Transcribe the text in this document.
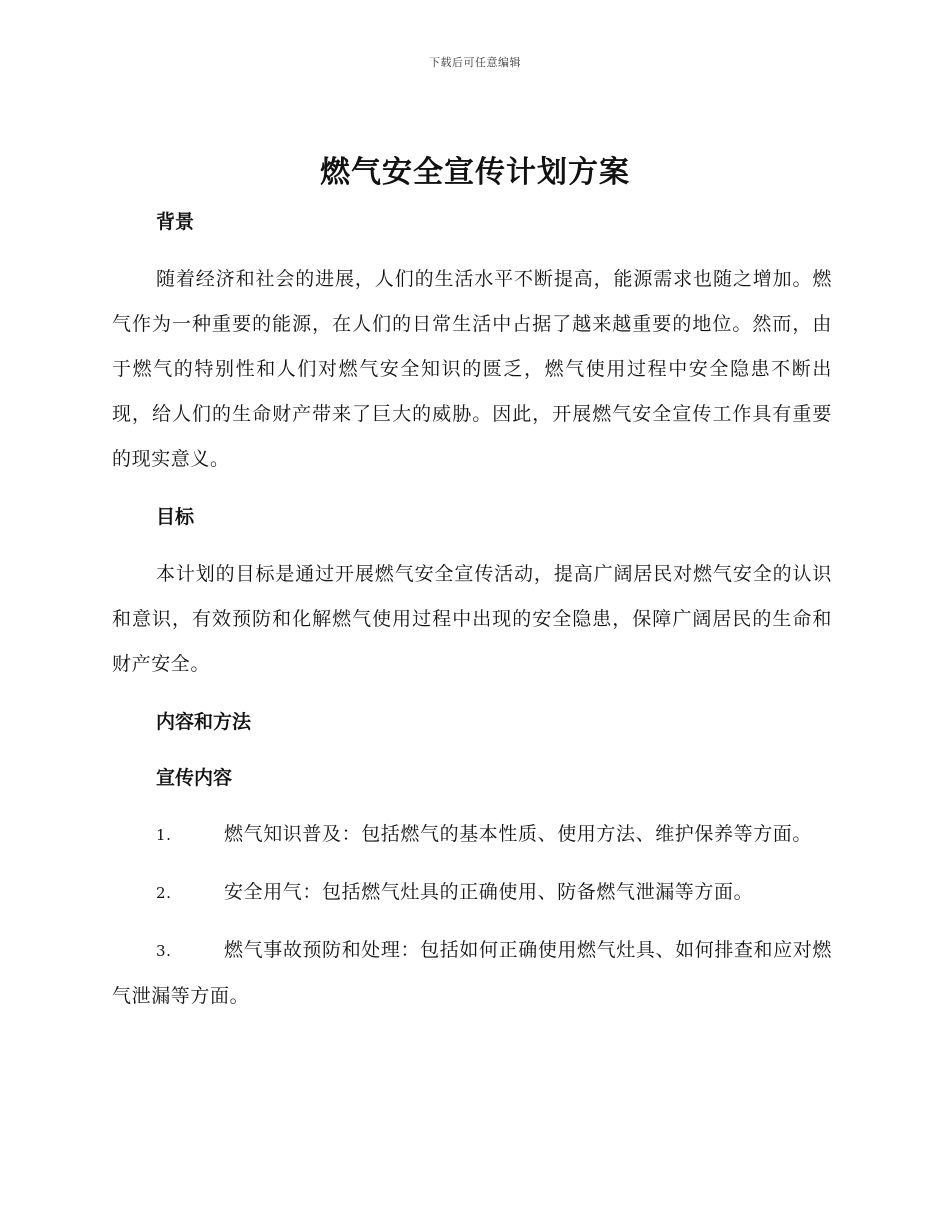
下载后可任意编辑
燃气安全宣传计划方案
背景

随着经济和社会的进展，人们的生活水平不断提高，能源需求也随之增加。燃气作为一种重要的能源，在人们的日常生活中占据了越来越重要的地位。然而，由于燃气的特别性和人们对燃气安全知识的匮乏，燃气使用过程中安全隐患不断出现，给人们的生命财产带来了巨大的威胁。因此，开展燃气安全宣传工作具有重要的现实意义。

目标

本计划的目标是通过开展燃气安全宣传活动，提高广阔居民对燃气安全的认识和意识，有效预防和化解燃气使用过程中出现的安全隐患，保障广阔居民的生命和财产安全。

内容和方法
宣传内容

1.	燃气知识普及：包括燃气的基本性质、使用方法、维护保养等方面。

2.	安全用气：包括燃气灶具的正确使用、防备燃气泄漏等方面。

3.	燃气事故预防和处理：包括如何正确使用燃气灶具、如何排查和应对燃气泄漏等方面。
